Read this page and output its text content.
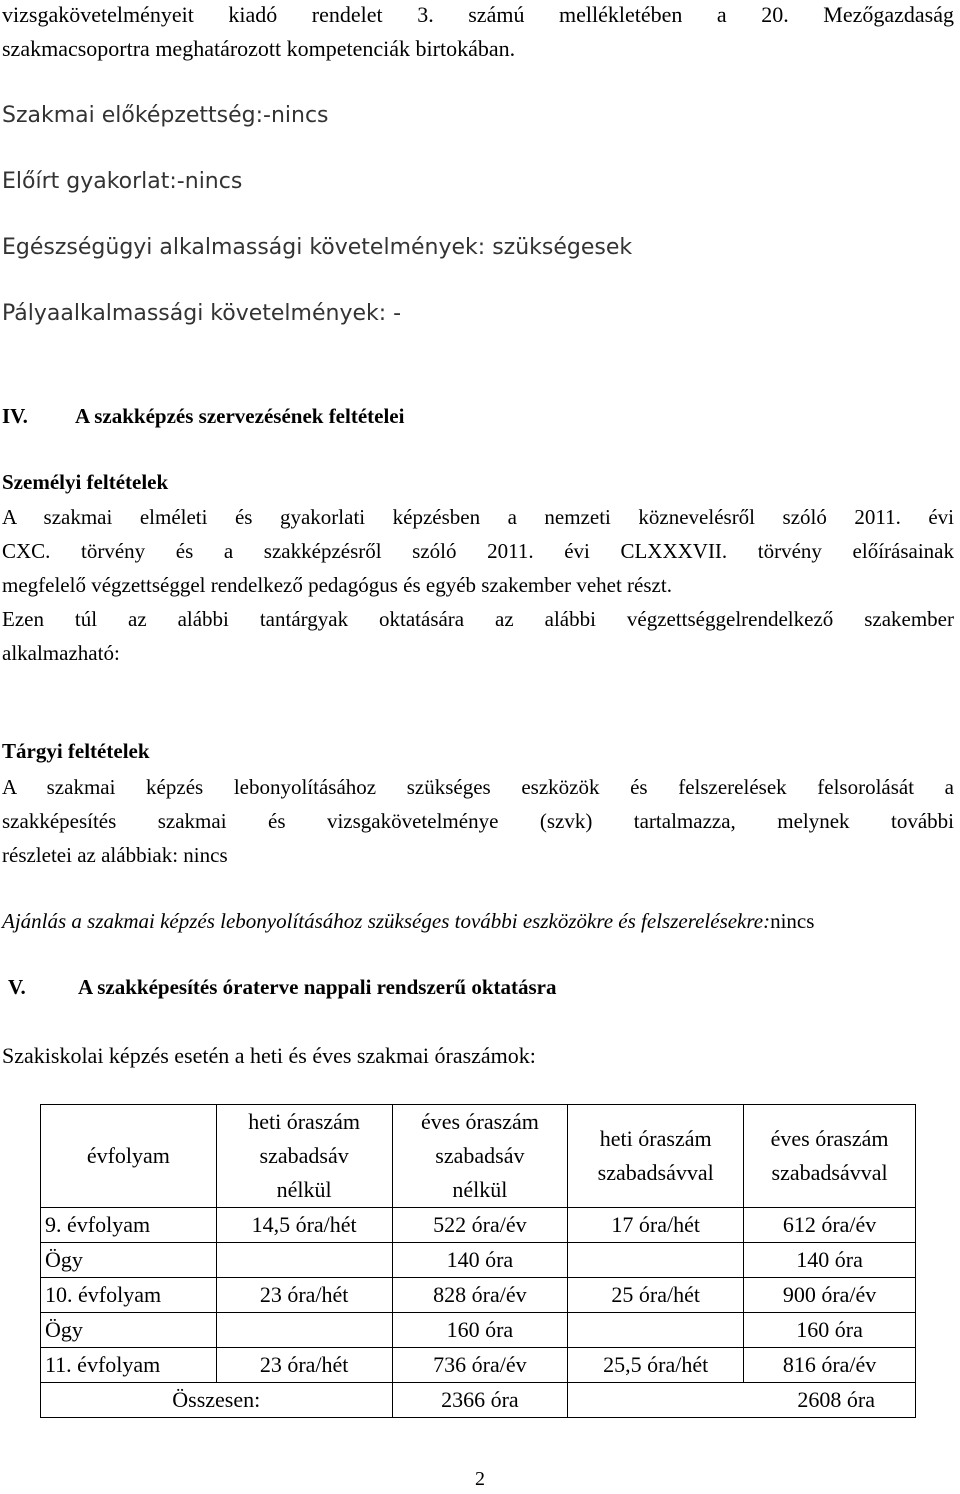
vizsgakövetelményeit kiadó rendelet 3. számú mellékletében a 20. Mezőgazdaság

szakmacsoportra meghatározott kompetenciák birtokában.

Szakmai előképzettség:-nincs

Előírt gyakorlat:-nincs

Egészségügyi alkalmassági követelmények: szükségesek

Pályaalkalmassági követelmények: -

IV. A szakképzés szervezésének feltételei

Személyi feltételek

A szakmai elméleti és gyakorlati képzésben a nemzeti köznevelésről szóló 2011. évi

CXC. törvény és a szakképzésről szóló 2011. évi CLXXXVII. törvény előírásainak

megfelelő végzettséggel rendelkező pedagógus és egyéb szakember vehet részt.

Ezen túl az alábbi tantárgyak oktatására az alábbi végzettséggelrendelkező szakember

alkalmazható:

Tárgyi feltételek

A szakmai képzés lebonyolításához szükséges eszközök és felszerelések felsorolását a

szakképesítés szakmai és vizsgakövetelménye (szvk) tartalmazza, melynek további

részletei az alábbiak: nincs

Ajánlás a szakmai képzés lebonyolításához szükséges további eszközökre és felszerelésekre:nincs

V. A szakképesítés óraterve nappali rendszerű oktatásra

Szakiskolai képzés esetén a heti és éves szakmai óraszámok:

évfolyam	heti óraszám
szabadsáv
nélkül	éves óraszám
szabadsáv
nélkül	heti óraszám
szabadsávval	éves óraszám
szabadsávval
9. évfolyam	14,5 óra/hét	522 óra/év	17 óra/hét	612 óra/év
Ögy		140 óra		140 óra
10. évfolyam	23 óra/hét	828 óra/év	25 óra/hét	900 óra/év
Ögy		160 óra		160 óra
11. évfolyam	23 óra/hét	736 óra/év	25,5 óra/hét	816 óra/év
Összesen:		2366 óra	2608 óra	
2
